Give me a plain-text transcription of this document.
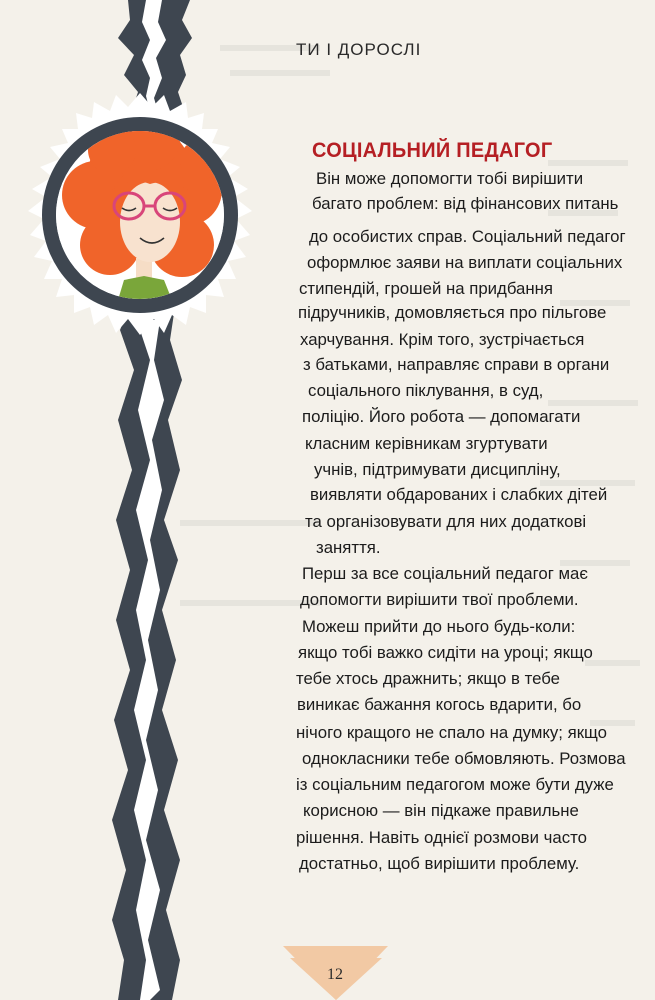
ТИ І ДОРОСЛІ
СОЦІАЛЬНИЙ ПЕДАГОГ
Він може допомогти тобі вирішити
багато проблем: від фінансових питань
до особистих справ. Соціальний педагог
оформлює заяви на виплати соціальних
стипендій, грошей на придбання
підручників, домовляється про пільгове
харчування. Крім того, зустрічається
з батьками, направляє справи в органи
соціального піклування, в суд,
поліцію. Його робота — допомагати
класним керівникам згуртувати
учнів, підтримувати дисципліну,
виявляти обдарованих і слабких дітей
та організовувати для них додаткові
заняття.
Перш за все соціальний педагог має
допомогти вирішити твої проблеми.
Можеш прийти до нього будь-коли:
якщо тобі важко сидіти на уроці; якщо
тебе хтось дражнить; якщо в тебе
виникає бажання когось вдарити, бо
нічого кращого не спало на думку; якщо
однокласники тебе обмовляють. Розмова
із соціальним педагогом може бути дуже
корисною — він підкаже правильне
рішення. Навіть однієї розмови часто
достатньо, щоб вирішити проблему.
12
